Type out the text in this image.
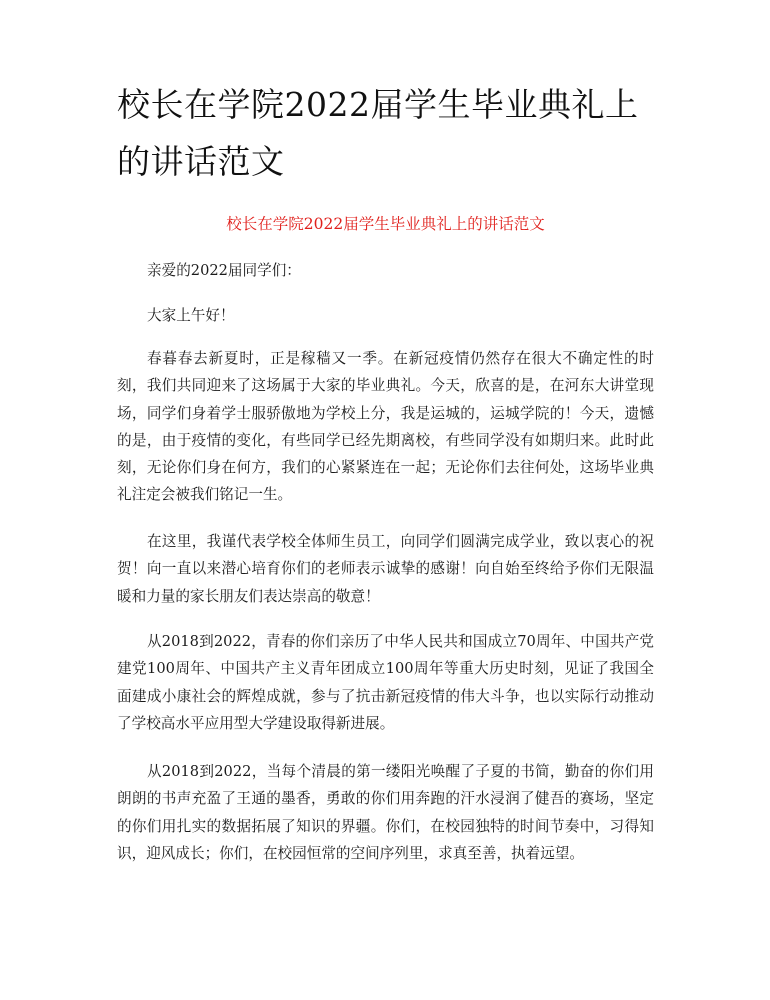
校长在学院2022届学生毕业典礼上的讲话范文

校长在学院2022届学生毕业典礼上的讲话范文

亲爱的2022届同学们：

大家上午好！

春暮春去新夏时，正是稼穑又一季。在新冠疫情仍然存在很大不确定性的时刻，我们共同迎来了这场属于大家的毕业典礼。今天，欣喜的是，在河东大讲堂现场，同学们身着学士服骄傲地为学校上分，我是运城的，运城学院的！今天，遗憾的是，由于疫情的变化，有些同学已经先期离校，有些同学没有如期归来。此时此刻，无论你们身在何方，我们的心紧紧连在一起；无论你们去往何处，这场毕业典礼注定会被我们铭记一生。

在这里，我谨代表学校全体师生员工，向同学们圆满完成学业，致以衷心的祝贺！向一直以来潜心培育你们的老师表示诚挚的感谢！向自始至终给予你们无限温暖和力量的家长朋友们表达崇高的敬意！

从2018到2022，青春的你们亲历了中华人民共和国成立70周年、中国共产党建党100周年、中国共产主义青年团成立100周年等重大历史时刻，见证了我国全面建成小康社会的辉煌成就，参与了抗击新冠疫情的伟大斗争，也以实际行动推动了学校高水平应用型大学建设取得新进展。

从2018到2022，当每个清晨的第一缕阳光唤醒了子夏的书简，勤奋的你们用朗朗的书声充盈了王通的墨香，勇敢的你们用奔跑的汗水浸润了健吾的赛场，坚定的你们用扎实的数据拓展了知识的界疆。你们，在校园独特的时间节奏中，习得知识，迎风成长；你们，在校园恒常的空间序列里，求真至善，执着远望。
